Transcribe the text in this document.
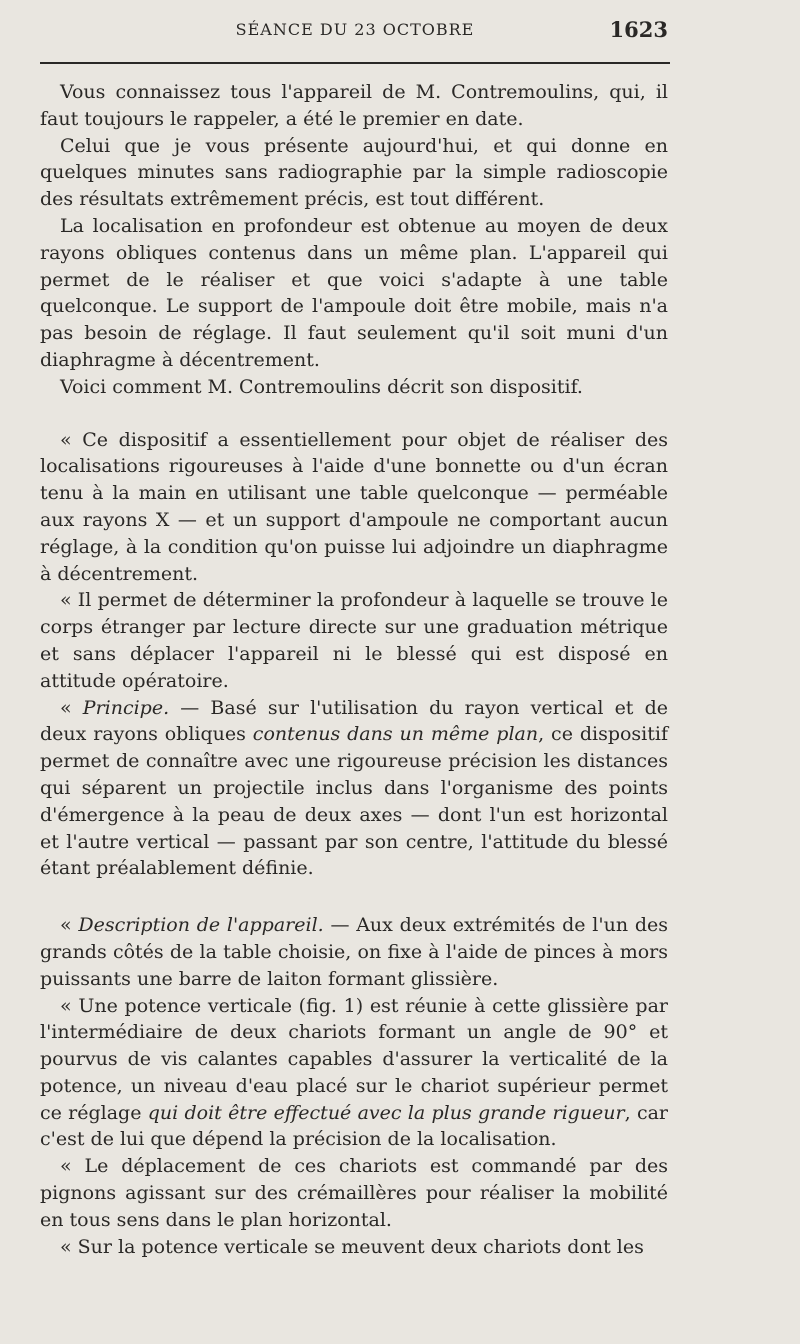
SÉANCE DU 23 OCTOBRE	1623

Vous connaissez tous l'appareil de M. Contremoulins, qui, il faut toujours le rappeler, a été le premier en date.

Celui que je vous présente aujourd'hui, et qui donne en quelques minutes sans radiographie par la simple radioscopie des résultats extrêmement précis, est tout différent.

La localisation en profondeur est obtenue au moyen de deux rayons obliques contenus dans un même plan. L'appareil qui permet de le réaliser et que voici s'adapte à une table quelconque. Le support de l'ampoule doit être mobile, mais n'a pas besoin de réglage. Il faut seulement qu'il soit muni d'un diaphragme à décentrement.

Voici comment M. Contremoulins décrit son dispositif.

« Ce dispositif a essentiellement pour objet de réaliser des localisations rigoureuses à l'aide d'une bonnette ou d'un écran tenu à la main en utilisant une table quelconque — perméable aux rayons X — et un support d'ampoule ne comportant aucun réglage, à la condition qu'on puisse lui adjoindre un diaphragme à décentrement.

« Il permet de déterminer la profondeur à laquelle se trouve le corps étranger par lecture directe sur une graduation métrique et sans déplacer l'appareil ni le blessé qui est disposé en attitude opératoire.

« Principe. — Basé sur l'utilisation du rayon vertical et de deux rayons obliques contenus dans un même plan, ce dispositif permet de connaître avec une rigoureuse précision les distances qui séparent un projectile inclus dans l'organisme des points d'émergence à la peau de deux axes — dont l'un est horizontal et l'autre vertical — passant par son centre, l'attitude du blessé étant préalablement définie.

« Description de l'appareil. — Aux deux extrémités de l'un des grands côtés de la table choisie, on fixe à l'aide de pinces à mors puissants une barre de laiton formant glissière.

« Une potence verticale (fig. 1) est réunie à cette glissière par l'intermédiaire de deux chariots formant un angle de 90° et pourvus de vis calantes capables d'assurer la verticalité de la potence, un niveau d'eau placé sur le chariot supérieur permet ce réglage qui doit être effectué avec la plus grande rigueur, car c'est de lui que dépend la précision de la localisation.

« Le déplacement de ces chariots est commandé par des pignons agissant sur des crémaillères pour réaliser la mobilité en tous sens dans le plan horizontal.

« Sur la potence verticale se meuvent deux chariots dont les
